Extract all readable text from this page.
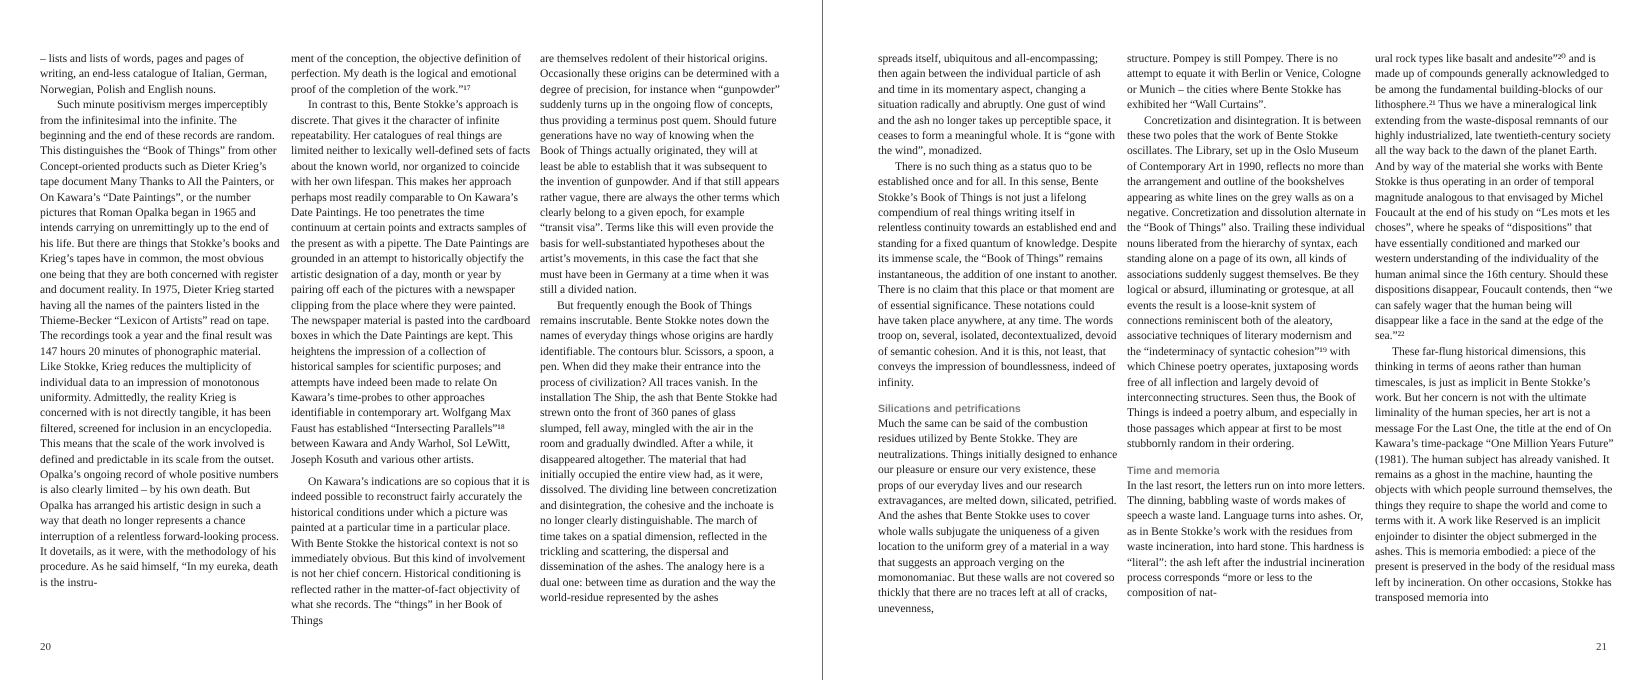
– lists and lists of words, pages and pages of writing, an end-less catalogue of Italian, German, Norwegian, Polish and English nouns.

Such minute positivism merges imperceptibly from the infinitesimal into the infinite. The beginning and the end of these records are random. This distinguishes the “Book of Things” from other Concept-oriented products such as Dieter Krieg’s tape document Many Thanks to All the Painters, or On Kawara’s “Date Paintings”, or the number pictures that Roman Opalka began in 1965 and intends carrying on unremittingly up to the end of his life. But there are things that Stokke’s books and Krieg’s tapes have in common, the most obvious one being that they are both concerned with register and document reality. In 1975, Dieter Krieg started having all the names of the painters listed in the Thieme-Becker “Lexicon of Artists” read on tape. The recordings took a year and the final result was 147 hours 20 minutes of phonographic material. Like Stokke, Krieg reduces the multiplicity of individual data to an impression of monotonous uniformity. Admittedly, the reality Krieg is concerned with is not directly tangible, it has been filtered, screened for inclusion in an encyclopedia. This means that the scale of the work involved is defined and predictable in its scale from the outset. Opalka’s ongoing record of whole positive numbers is also clearly limited – by his own death. But Opalka has arranged his artistic design in such a way that death no longer represents a chance interruption of a relentless forward-looking process. It dovetails, as it were, with the methodology of his procedure. As he said himself, “In my eureka, death is the instru-

ment of the conception, the objective definition of perfection. My death is the logical and emotional proof of the completion of the work.”¹⁷

In contrast to this, Bente Stokke’s approach is discrete. That gives it the character of infinite repeatability. Her catalogues of real things are limited neither to lexically well-defined sets of facts about the known world, nor organized to coincide with her own lifespan. This makes her approach perhaps most readily comparable to On Kawara’s Date Paintings. He too penetrates the time continuum at certain points and extracts samples of the present as with a pipette. The Date Paintings are grounded in an attempt to historically objectify the artistic designation of a day, month or year by pairing off each of the pictures with a newspaper clipping from the place where they were painted. The newspaper material is pasted into the cardboard boxes in which the Date Paintings are kept. This heightens the impression of a collection of historical samples for scientific purposes; and attempts have indeed been made to relate On Kawara’s time-probes to other approaches identifiable in contemporary art. Wolfgang Max Faust has established “Intersecting Parallels”¹⁸ between Kawara and Andy Warhol, Sol LeWitt, Joseph Kosuth and various other artists.

On Kawara’s indications are so copious that it is indeed possible to reconstruct fairly accurately the historical conditions under which a picture was painted at a particular time in a particular place. With Bente Stokke the historical context is not so immediately obvious. But this kind of involvement is not her chief concern. Historical conditioning is reflected rather in the matter-of-fact objectivity of what she records. The “things” in her Book of Things

are themselves redolent of their historical origins. Occasionally these origins can be determined with a degree of precision, for instance when “gunpowder” suddenly turns up in the ongoing flow of concepts, thus providing a terminus post quem. Should future generations have no way of knowing when the Book of Things actually originated, they will at least be able to establish that it was subsequent to the invention of gunpowder. And if that still appears rather vague, there are always the other terms which clearly belong to a given epoch, for example “transit visa”. Terms like this will even provide the basis for well-substantiated hypotheses about the artist’s movements, in this case the fact that she must have been in Germany at a time when it was still a divided nation.

But frequently enough the Book of Things remains inscrutable. Bente Stokke notes down the names of everyday things whose origins are hardly identifiable. The contours blur. Scissors, a spoon, a pen. When did they make their entrance into the process of civilization? All traces vanish. In the installation The Ship, the ash that Bente Stokke had strewn onto the front of 360 panes of glass slumped, fell away, mingled with the air in the room and gradually dwindled. After a while, it disappeared altogether. The material that had initially occupied the entire view had, as it were, dissolved. The dividing line between concretization and disintegration, the cohesive and the inchoate is no longer clearly distinguishable. The march of time takes on a spatial dimension, reflected in the trickling and scattering, the dispersal and dissemination of the ashes. The analogy here is a dual one: between time as duration and the way the world-residue represented by the ashes

20

spreads itself, ubiquitous and all-encompassing; then again between the individual particle of ash and time in its momentary aspect, changing a situation radically and abruptly. One gust of wind and the ash no longer takes up perceptible space, it ceases to form a meaningful whole. It is “gone with the wind”, monadized.

There is no such thing as a status quo to be established once and for all. In this sense, Bente Stokke’s Book of Things is not just a lifelong compendium of real things writing itself in relentless continuity towards an established end and standing for a fixed quantum of knowledge. Despite its immense scale, the “Book of Things” remains instantaneous, the addition of one instant to another. There is no claim that this place or that moment are of essential significance. These notations could have taken place anywhere, at any time. The words troop on, several, isolated, decontextualized, devoid of semantic cohesion. And it is this, not least, that conveys the impression of boundlessness, indeed of infinity.

Silications and petrifications

Much the same can be said of the combustion residues utilized by Bente Stokke. They are neutralizations. Things initially designed to enhance our pleasure or ensure our very existence, these props of our everyday lives and our research extravagances, are melted down, silicated, petrified. And the ashes that Bente Stokke uses to cover whole walls subjugate the uniqueness of a given location to the uniform grey of a material in a way that suggests an approach verging on the momonomaniac. But these walls are not covered so thickly that there are no traces left at all of cracks, unevenness,

structure. Pompey is still Pompey. There is no attempt to equate it with Berlin or Venice, Cologne or Munich – the cities where Bente Stokke has exhibited her “Wall Curtains”.

Concretization and disintegration. It is between these two poles that the work of Bente Stokke oscillates. The Library, set up in the Oslo Museum of Contemporary Art in 1990, reflects no more than the arrangement and outline of the bookshelves appearing as white lines on the grey walls as on a negative. Concretization and dissolution alternate in the “Book of Things” also. Trailing these individual nouns liberated from the hierarchy of syntax, each standing alone on a page of its own, all kinds of associations suddenly suggest themselves. Be they logical or absurd, illuminating or grotesque, at all events the result is a loose-knit system of connections reminiscent both of the aleatory, associative techniques of literary modernism and the “indeterminacy of syntactic cohesion”¹⁹ with which Chinese poetry operates, juxtaposing words free of all inflection and largely devoid of interconnecting structures. Seen thus, the Book of Things is indeed a poetry album, and especially in those passages which appear at first to be most stubbornly random in their ordering.

Time and memoria

In the last resort, the letters run on into more letters. The dinning, babbling waste of words makes of speech a waste land. Language turns into ashes. Or, as in Bente Stokke’s work with the residues from waste incineration, into hard stone. This hardness is “literal”: the ash left after the industrial incineration process corresponds “more or less to the composition of nat-

ural rock types like basalt and andesite”²⁰ and is made up of compounds generally acknowledged to be among the fundamental building-blocks of our lithosphere.²¹ Thus we have a mineralogical link extending from the waste-disposal remnants of our highly industrialized, late twentieth-century society all the way back to the dawn of the planet Earth. And by way of the material she works with Bente Stokke is thus operating in an order of temporal magnitude analogous to that envisaged by Michel Foucault at the end of his study on “Les mots et les choses”, where he speaks of “dispositions” that have essentially conditioned and marked our western understanding of the individuality of the human animal since the 16th century. Should these dispositions disappear, Foucault contends, then “we can safely wager that the human being will disappear like a face in the sand at the edge of the sea.”²²

These far-flung historical dimensions, this thinking in terms of aeons rather than human timescales, is just as implicit in Bente Stokke’s work. But her concern is not with the ultimate liminality of the human species, her art is not a message For the Last One, the title at the end of On Kawara’s time-package “One Million Years Future” (1981). The human subject has already vanished. It remains as a ghost in the machine, haunting the objects with which people surround themselves, the things they require to shape the world and come to terms with it. A work like Reserved is an implicit enjoinder to disinter the object submerged in the ashes. This is memoria embodied: a piece of the present is preserved in the body of the residual mass left by incineration. On other occasions, Stokke has transposed memoria into

21
